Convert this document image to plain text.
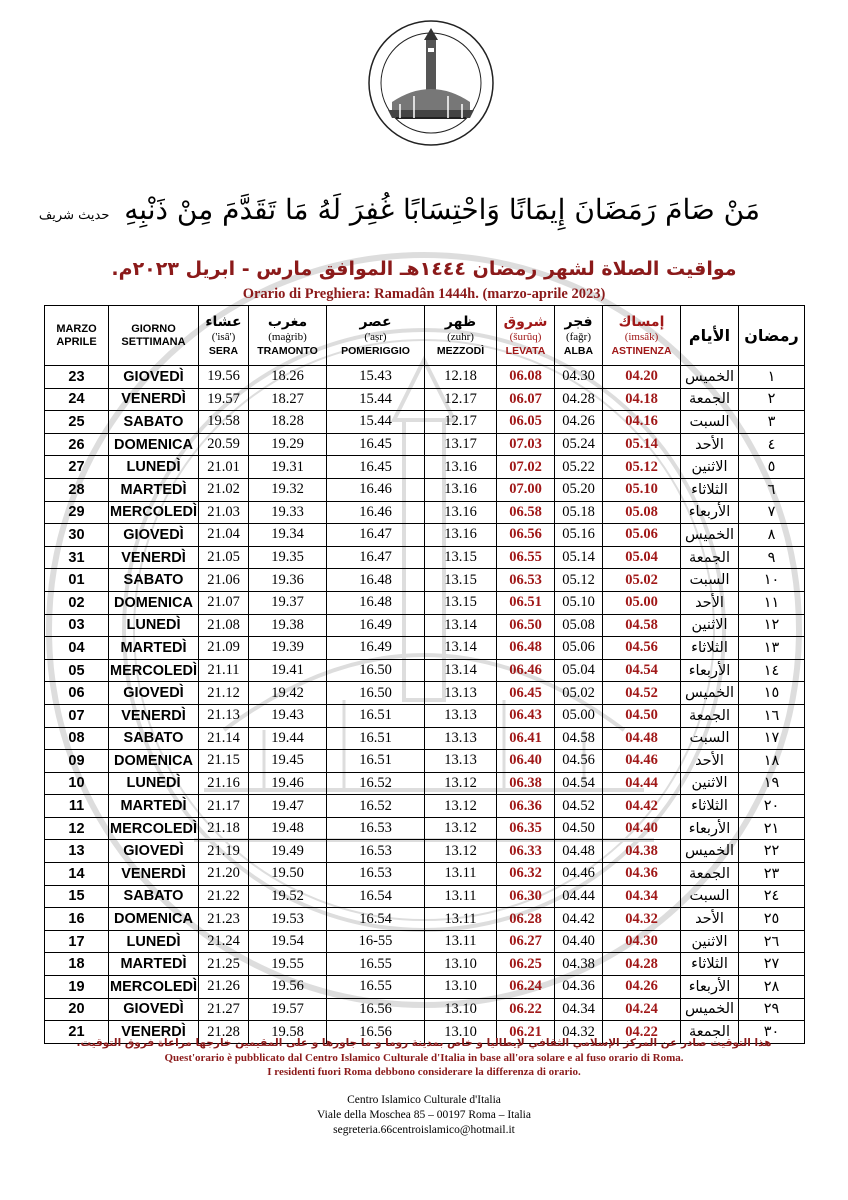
مَنْ صَامَ رَمَضَانَ إِيمَانًا وَاحْتِسَابًا غُفِرَ لَهُ مَا تَقَدَّمَ مِنْ ذَنْبِهِ حديث شريف
مواقيت الصلاة لشهر رمضان ١٤٤٤هـ الموافق مارس - ابريل ٢٠٢٣م.
Orario di Preghiera: Ramadân 1444h. (marzo-aprile 2023)
MARZO
APRILE	GIORNO
SETTIMANA	عشاء
('isâ')
SERA	مغرب
(maġrib)
TRAMONTO	عصر
('aṣr)
POMERIGGIO	ظهر
(zuhr)
MEZZODÌ	شروق
(šurûq)
LEVATA	فجر
(faǧr)
ALBA	إمساك
(imsâk)
ASTINENZA	الأيام	رمضان

23	GIOVEDÌ	19.56	18.26	15.43	12.18	06.08	04.30	04.20	الخميس	١
24	VENERDÌ	19.57	18.27	15.44	12.17	06.07	04.28	04.18	الجمعة	٢
25	SABATO	19.58	18.28	15.44	12.17	06.05	04.26	04.16	السبت	٣
26	DOMENICA	20.59	19.29	16.45	13.17	07.03	05.24	05.14	الأحد	٤
27	LUNEDÌ	21.01	19.31	16.45	13.16	07.02	05.22	05.12	الاثنين	٥
28	MARTEDÌ	21.02	19.32	16.46	13.16	07.00	05.20	05.10	الثلاثاء	٦
29	MERCOLEDÌ	21.03	19.33	16.46	13.16	06.58	05.18	05.08	الأربعاء	٧
30	GIOVEDÌ	21.04	19.34	16.47	13.16	06.56	05.16	05.06	الخميس	٨
31	VENERDÌ	21.05	19.35	16.47	13.15	06.55	05.14	05.04	الجمعة	٩
01	SABATO	21.06	19.36	16.48	13.15	06.53	05.12	05.02	السبت	١٠
02	DOMENICA	21.07	19.37	16.48	13.15	06.51	05.10	05.00	الأحد	١١
03	LUNEDÌ	21.08	19.38	16.49	13.14	06.50	05.08	04.58	الاثنين	١٢
04	MARTEDÌ	21.09	19.39	16.49	13.14	06.48	05.06	04.56	الثلاثاء	١٣
05	MERCOLEDÌ	21.11	19.41	16.50	13.14	06.46	05.04	04.54	الأربعاء	١٤
06	GIOVEDÌ	21.12	19.42	16.50	13.13	06.45	05.02	04.52	الخميس	١٥
07	VENERDÌ	21.13	19.43	16.51	13.13	06.43	05.00	04.50	الجمعة	١٦
08	SABATO	21.14	19.44	16.51	13.13	06.41	04.58	04.48	السبت	١٧
09	DOMENICA	21.15	19.45	16.51	13.13	06.40	04.56	04.46	الأحد	١٨
10	LUNEDÌ	21.16	19.46	16.52	13.12	06.38	04.54	04.44	الاثنين	١٩
11	MARTEDÌ	21.17	19.47	16.52	13.12	06.36	04.52	04.42	الثلاثاء	٢٠
12	MERCOLEDÌ	21.18	19.48	16.53	13.12	06.35	04.50	04.40	الأربعاء	٢١
13	GIOVEDÌ	21.19	19.49	16.53	13.12	06.33	04.48	04.38	الخميس	٢٢
14	VENERDÌ	21.20	19.50	16.53	13.11	06.32	04.46	04.36	الجمعة	٢٣
15	SABATO	21.22	19.52	16.54	13.11	06.30	04.44	04.34	السبت	٢٤
16	DOMENICA	21.23	19.53	16.54	13.11	06.28	04.42	04.32	الأحد	٢٥
17	LUNEDÌ	21.24	19.54	16-55	13.11	06.27	04.40	04.30	الاثنين	٢٦
18	MARTEDÌ	21.25	19.55	16.55	13.10	06.25	04.38	04.28	الثلاثاء	٢٧
19	MERCOLEDÌ	21.26	19.56	16.55	13.10	06.24	04.36	04.26	الأربعاء	٢٨
20	GIOVEDÌ	21.27	19.57	16.56	13.10	06.22	04.34	04.24	الخميس	٢٩
21	VENERDÌ	21.28	19.58	16.56	13.10	06.21	04.32	04.22	الجمعة	٣٠
هذا التوقيت صادر عن المركز الإسلامي الثقافي لإيطاليا و خاص بمدينة روما و ما جاورها و على المقيمين خارجها مراعاة فروق التوقيت.
Quest'orario è pubblicato dal Centro Islamico Culturale d'Italia in base all'ora solare e al fuso orario di Roma.
I residenti fuori Roma debbono considerare la differenza di orario.
Centro Islamico Culturale d'Italia
Viale della Moschea 85 – 00197 Roma – Italia
segreteria.66centroislamico@hotmail.it
